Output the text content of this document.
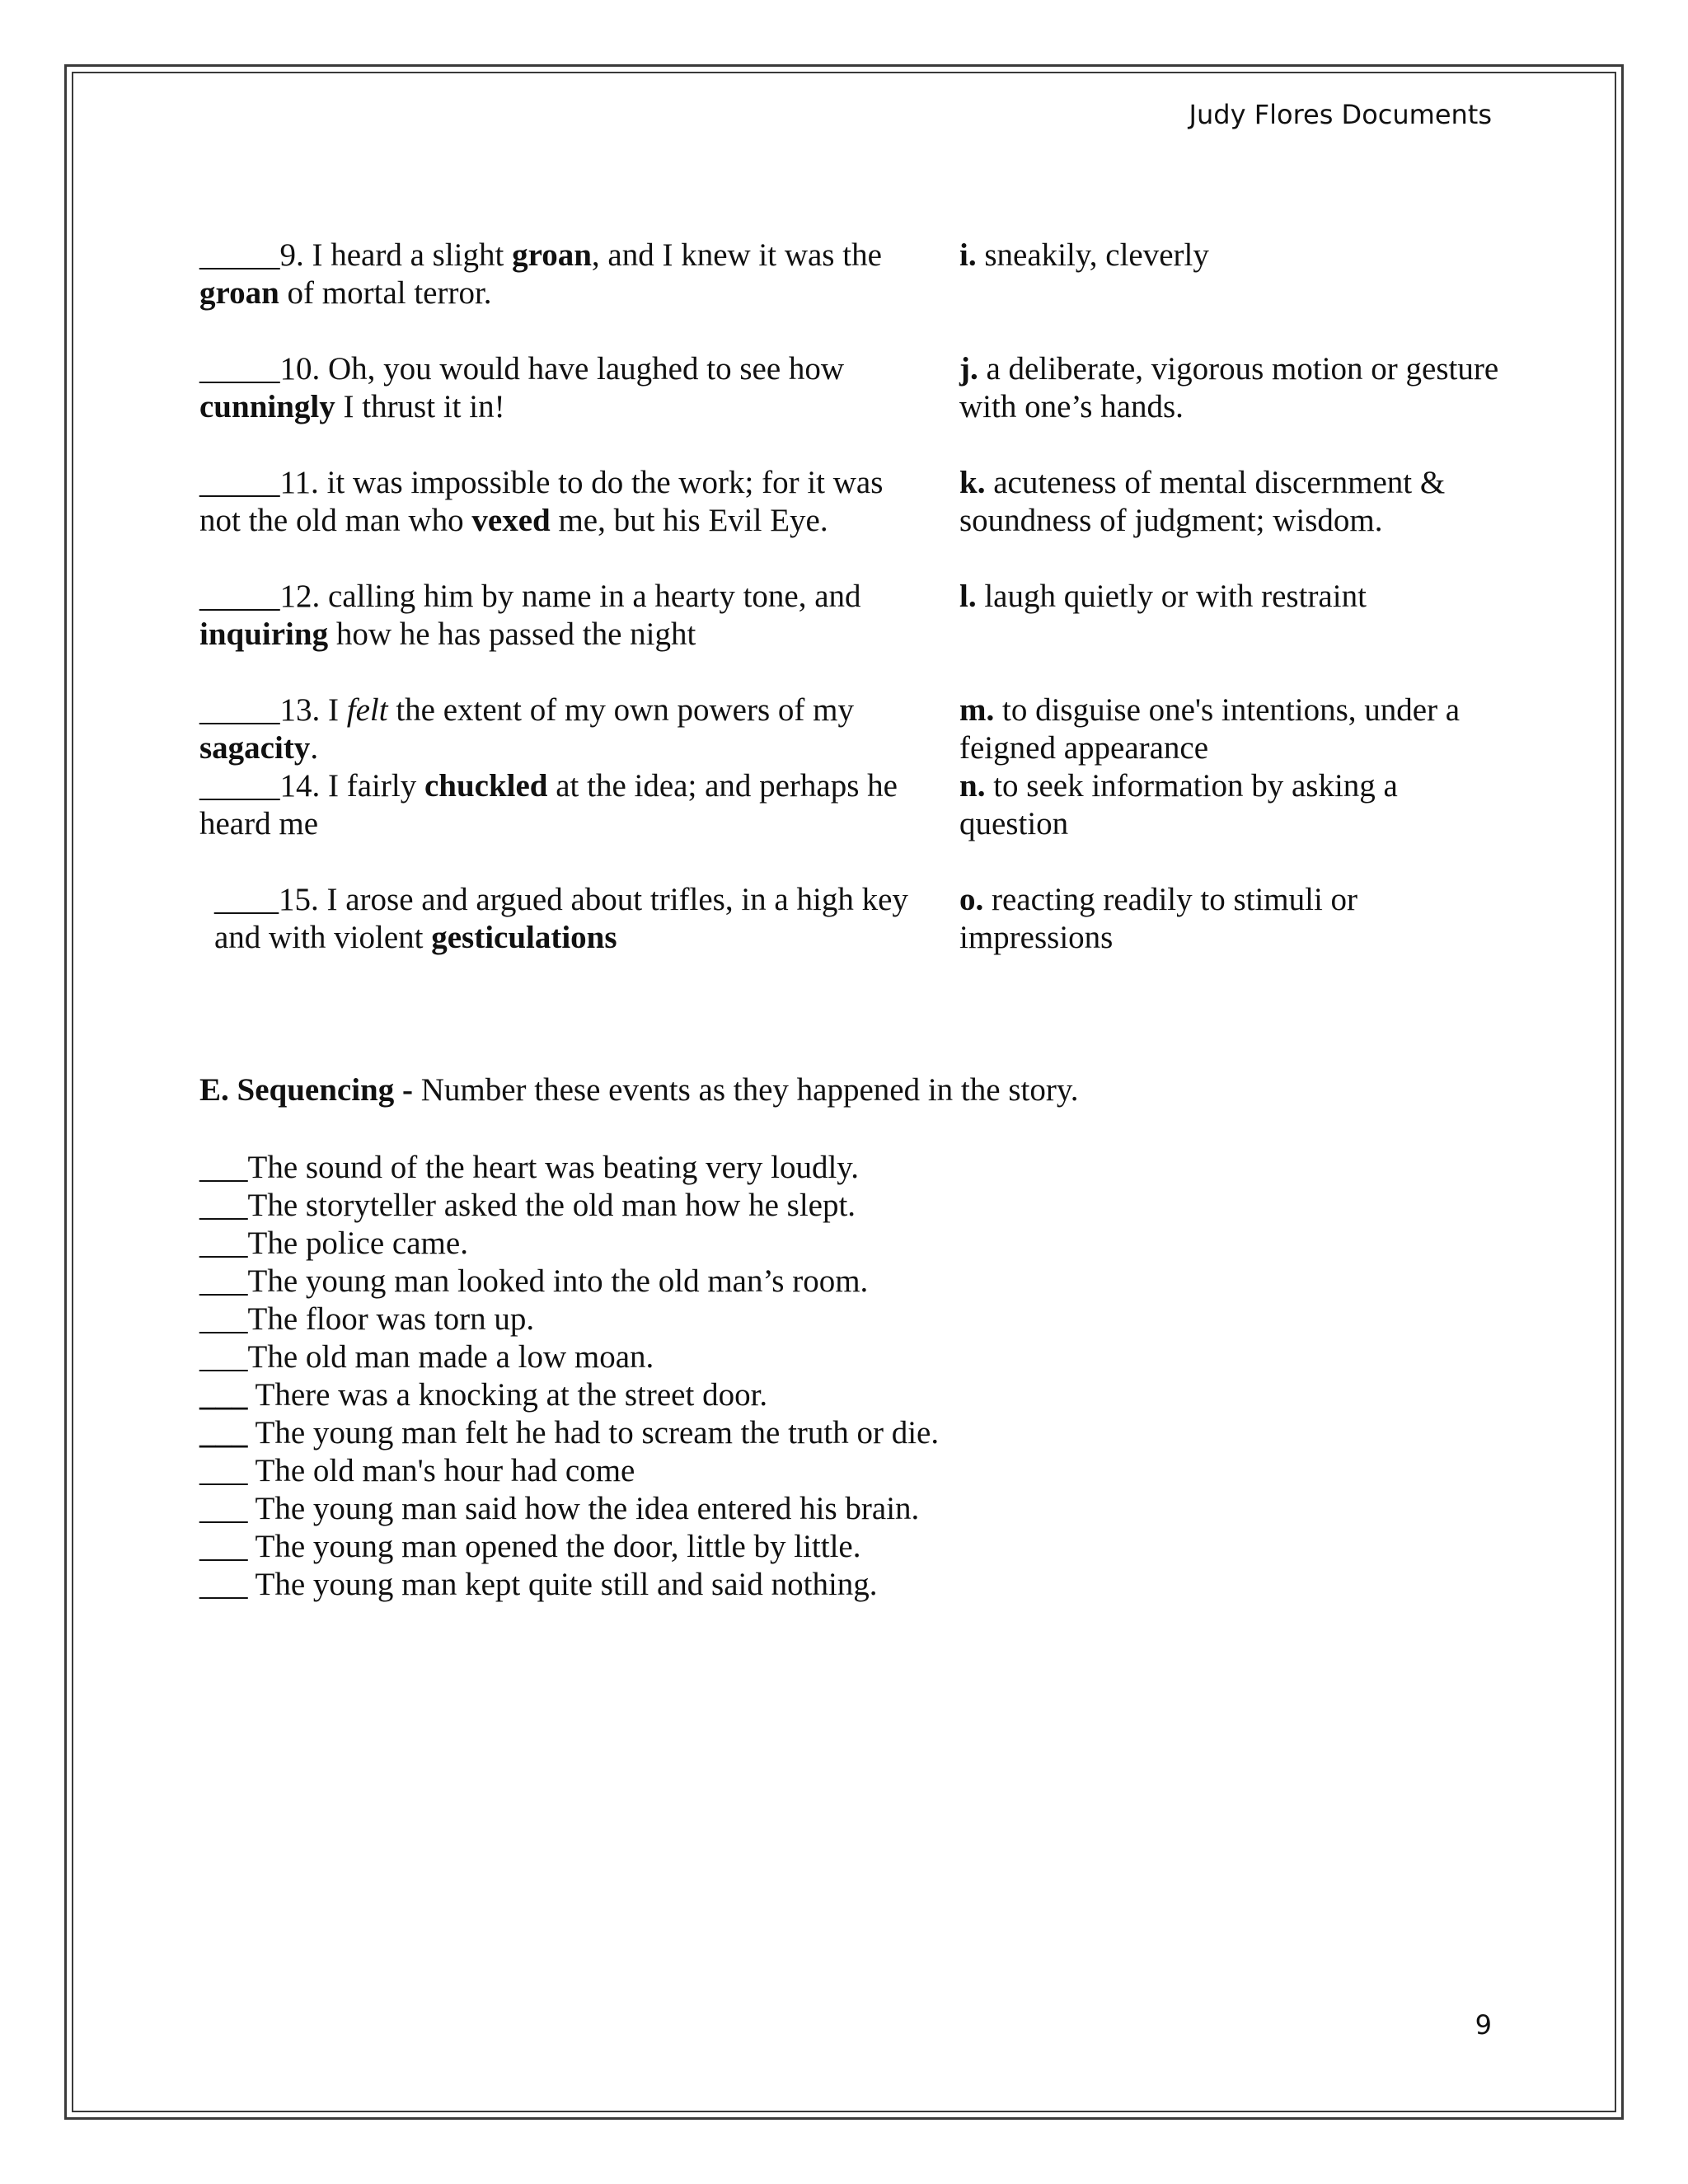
Judy Flores Documents
_____9. I heard a slight groan, and I knew it was the
groan of mortal terror.
i. sneakily, cleverly
_____10. Oh, you would have laughed to see how
cunningly I thrust it in!
j. a deliberate, vigorous motion or gesture with one’s hands.
_____11. it was impossible to do the work; for it was not the old man who vexed me, but his Evil Eye.
k. acuteness of mental discernment & soundness of judgment; wisdom.
_____12. calling him by name in a hearty tone, and
inquiring how he has passed the night
l. laugh quietly or with restraint
_____13. I felt the extent of my own powers of my
sagacity.
m. to disguise one's intentions, under a feigned appearance
_____14. I fairly chuckled at the idea; and perhaps he heard me
n. to seek information by asking a question
____15. I arose and argued about trifles, in a high key and with violent gesticulations
o. reacting readily to stimuli or impressions
E. Sequencing - Number these events as they happened in the story.
___The sound of the heart was beating very loudly.
___The storyteller asked the old man how he slept.
___The police came.
___The young man looked into the old man’s room.
___The floor was torn up.
___The old man made a low moan.
___ There was a knocking at the street door.
___ The young man felt he had to scream the truth or die.
___ The old man's hour had come
___ The young man said how the idea entered his brain.
___ The young man opened the door, little by little.
___ The young man kept quite still and said nothing.
9
